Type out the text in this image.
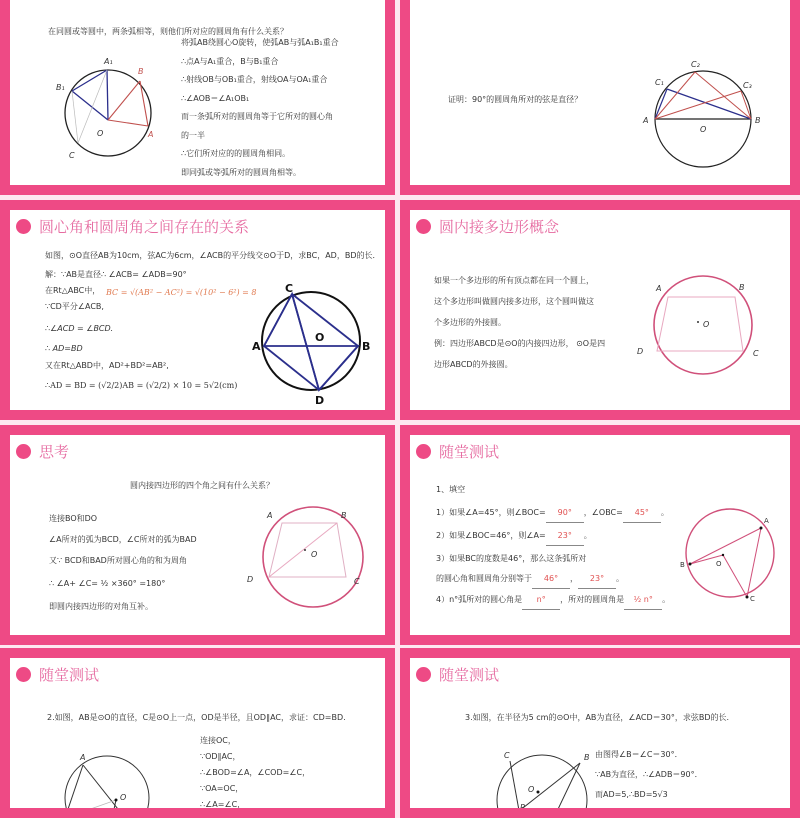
在同圆或等圆中，两条弧相等，则他们所对应的圆周角有什么关系？
A₁
B₁
B
A
O
C
将弧AB绕圆心O旋转，使弧AB与弧A₁B₁重合
∴点A与A₁重合，B与B₁重合
∴射线OB与OB₁重合，射线OA与OA₁重合
∴∠AOB＝∠A₁OB₁
而一条弧所对的圆周角等于它所对的圆心角
的一半
∴它们所对应的的圆周角相同。
即同弧或等弧所对的圆周角相等。
证明：90°的圆周角所对的弦是直径？
C₂
C₁	C₃
A	B
O
圆心角和圆周角之间存在的关系
如图，⊙O直径AB为10cm，弦AC为6cm，∠ACB的平分线交⊙O于D，求BC，AD，BD的长．
解：∵AB是直径∴ ∠ACB= ∠ADB=90°
在Rt△ABC中，
∵CD平分∠ACB,
∴∠ACD = ∠BCD.
∴ AD=BD
又在Rt△ABD中，AD²+BD²=AB²,
∴AD = BD = (√2/2)AB = (√2/2) × 10 = 5√2(cm)
BC = √(AB² − AC²) = √(10² − 6²) = 8	C
A
O
B
D
圆内接多边形概念
如果一个多边形的所有顶点都在同一个圆上，
这个多边形叫做圆内接多边形，这个圆叫做这
个多边形的外接圆。
例：四边形ABCD是⊙O的内接四边形， ⊙O是四
边形ABCD的外接圆。
A	B
C
D
O
思考
圆内接四边形的四个角之间有什么关系？
连接BO和DO
∠A所对的弧为BCD，∠C所对的弧为BAD
又∵ BCD和BAD所对圆心角的和为周角
∴ ∠A+ ∠C= ½ ×360° =180°
即圆内接四边形的对角互补。
A	B
C
D
O
随堂测试
1、填空
1）如果∠A=45°，则∠BOC= 90° ，∠OBC= 45° 。
2）如果∠BOC=46°，则∠A= 23° 。
3）如果BC的度数是46°，那么这条弧所对
的圆心角和圆周角分别等于 46° ， 23° 。
4）n°弧所对的圆心角是 n° ，所对的圆周角是 ½ n° 。
A
B
C
O
随堂测试
2.如图，AB是⊙O的直径，C是⊙O上一点，OD是半径，且OD∥AC，求证：CD=BD.
连接OC，
∵OD∥AC，
∴∠BOD=∠A，∠COD=∠C，
∵OA=OC，
∴∠A=∠C，
A
O
随堂测试
3.如图，在半径为5 cm的⊙O中，AB为直径，∠ACD＝30°，求弦BD的长.
由图得∠B＝∠C＝30°．
∵AB为直径，∴∠ADB＝90°．
而AD=5,∴BD=5√3
C	B
O
P
